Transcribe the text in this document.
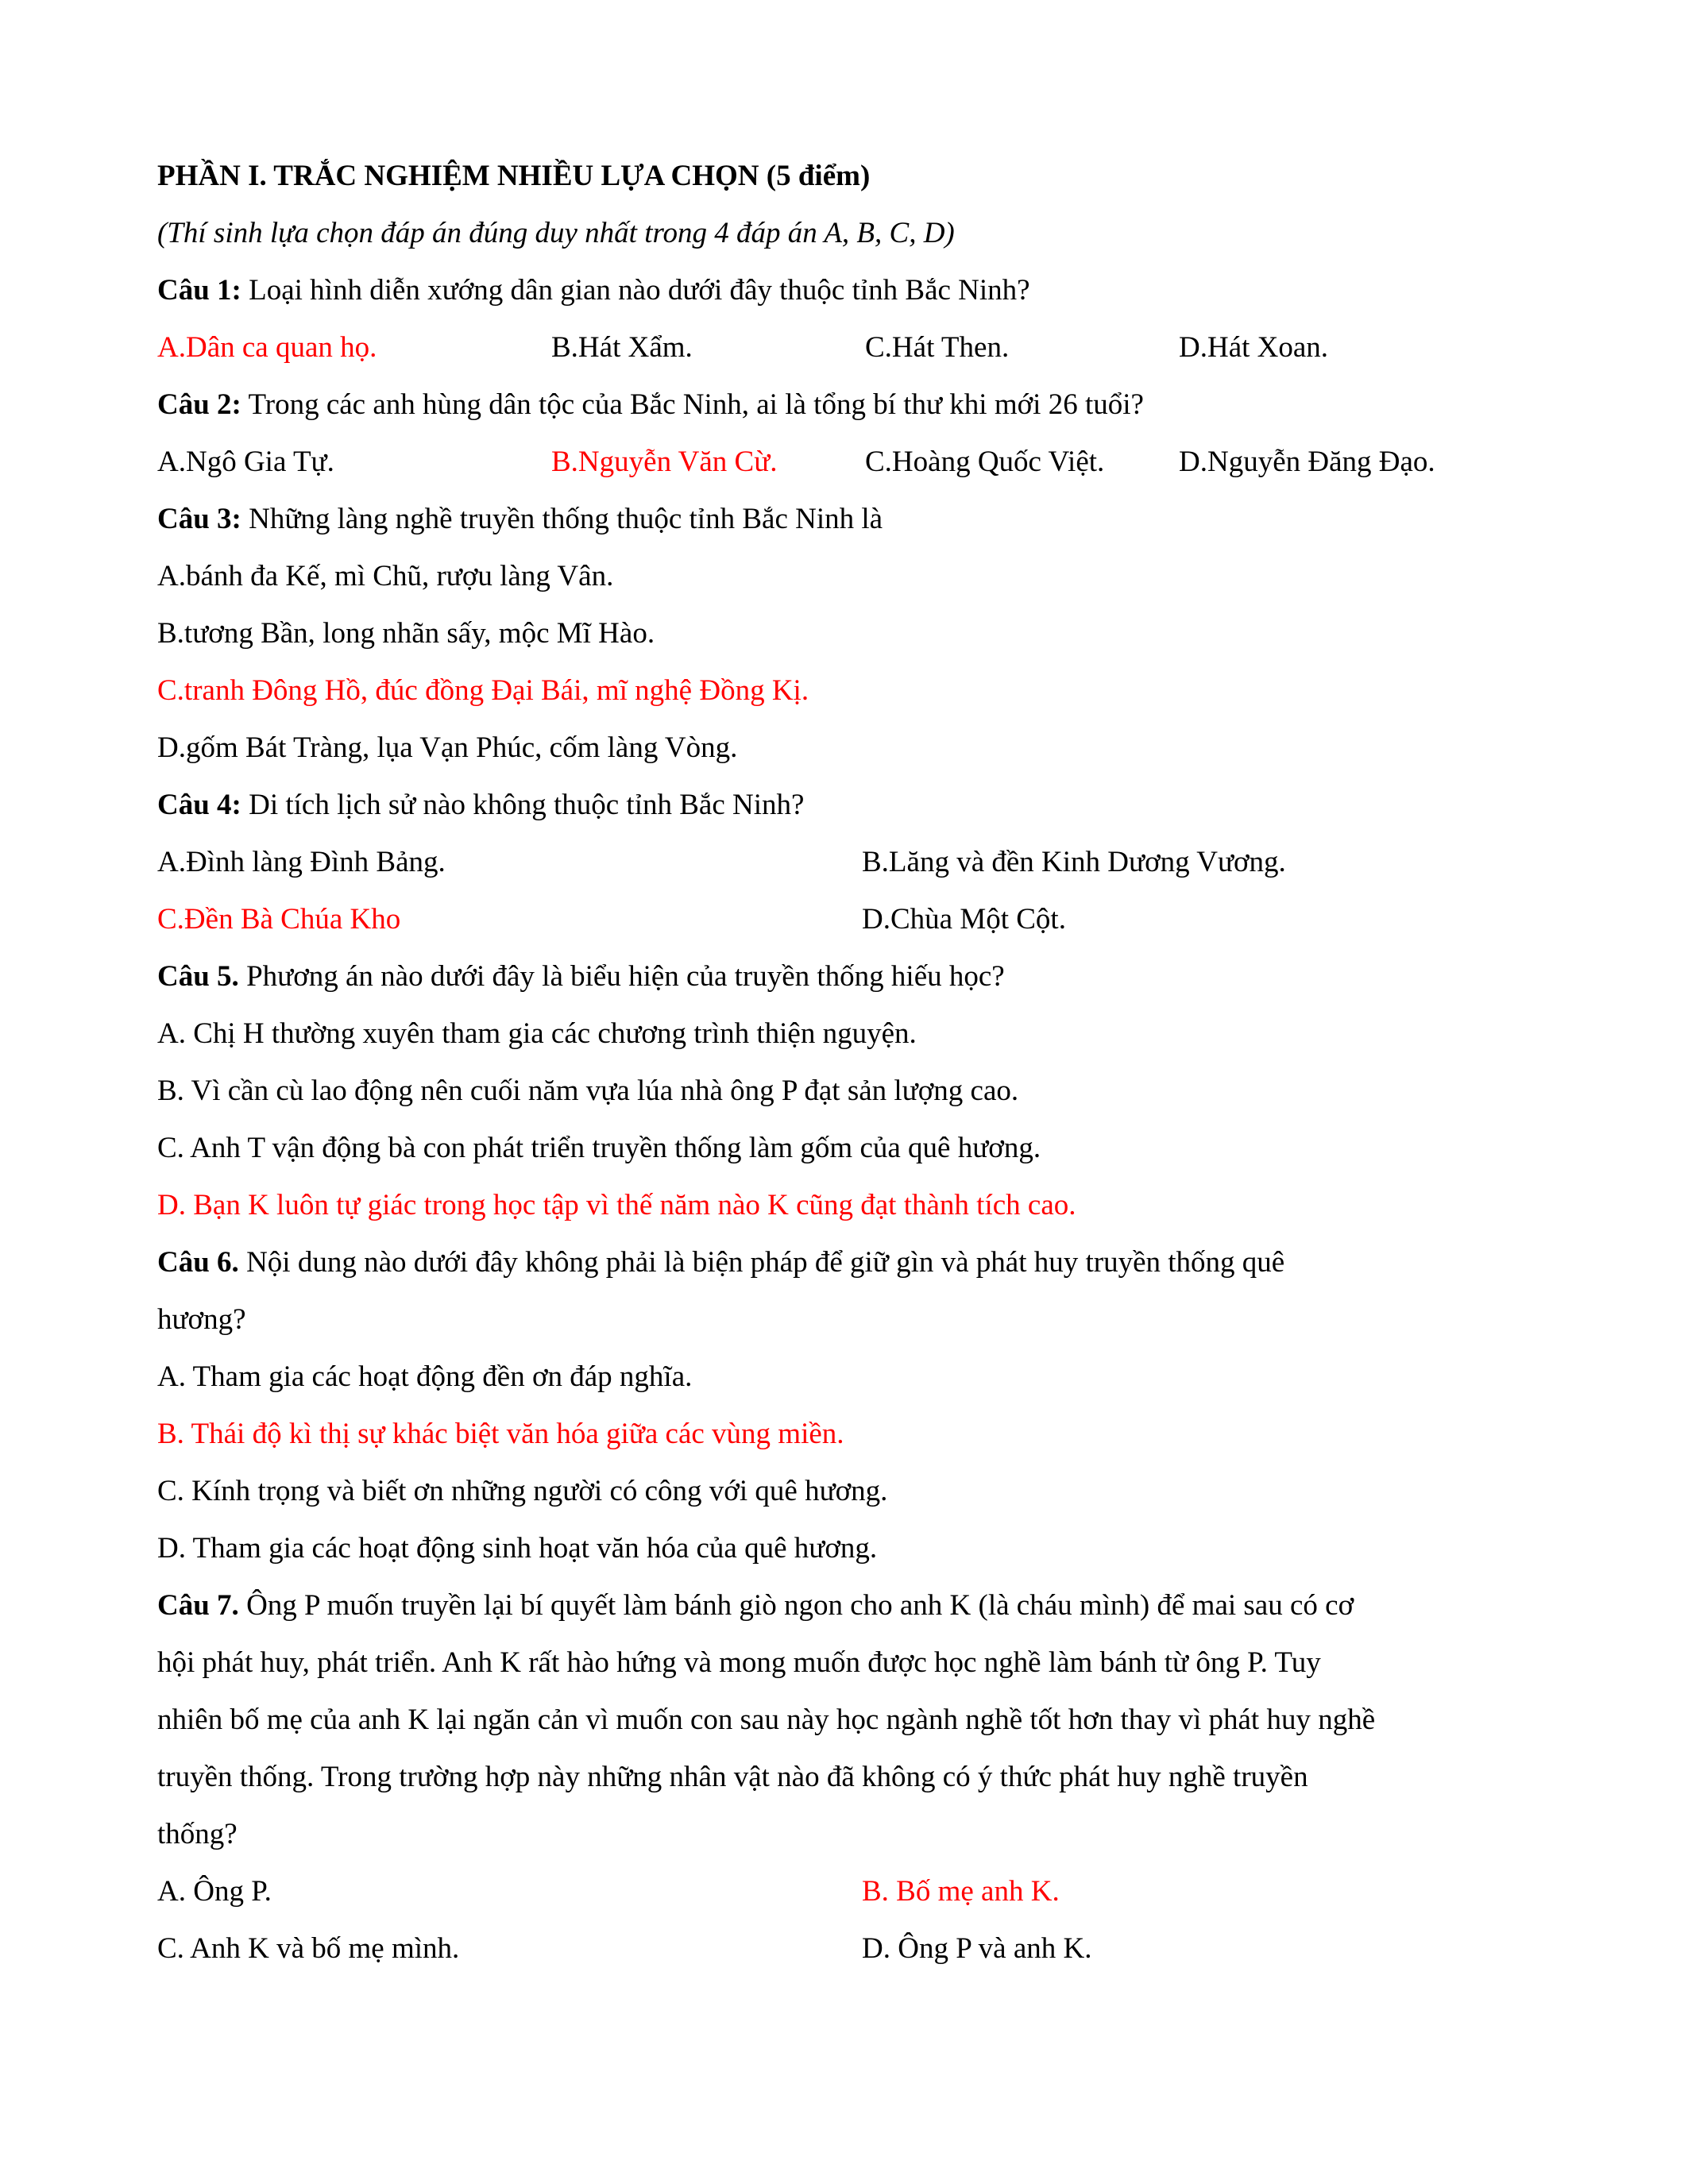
PHẦN I. TRẮC NGHIỆM NHIỀU LỰA CHỌN (5 điểm)
(Thí sinh lựa chọn đáp án đúng duy nhất trong 4 đáp án A, B, C, D)
Câu 1: Loại hình diễn xướng dân gian nào dưới đây thuộc tỉnh Bắc Ninh?
A.Dân ca quan họ.	B.Hát Xẩm.	C.Hát Then.	D.Hát Xoan.
Câu 2: Trong các anh hùng dân tộc của Bắc Ninh, ai là tổng bí thư khi mới 26 tuổi?
A.Ngô Gia Tự.	B.Nguyễn Văn Cừ.	C.Hoàng Quốc Việt.	D.Nguyễn Đăng Đạo.
Câu 3: Những làng nghề truyền thống thuộc tỉnh Bắc Ninh là
A.bánh đa Kế, mì Chũ, rượu làng Vân.
B.tương Bần, long nhãn sấy, mộc Mĩ Hào.
C.tranh Đông Hồ, đúc đồng Đại Bái, mĩ nghệ Đồng Kị.
D.gốm Bát Tràng, lụa Vạn Phúc, cốm làng Vòng.
Câu 4: Di tích lịch sử nào không thuộc tỉnh Bắc Ninh?
A.Đình làng Đình Bảng.	B.Lăng và đền Kinh Dương Vương.
C.Đền Bà Chúa Kho	D.Chùa Một Cột.
Câu 5. Phương án nào dưới đây là biểu hiện của truyền thống hiếu học?
A. Chị H thường xuyên tham gia các chương trình thiện nguyện.
B. Vì cần cù lao động nên cuối năm vựa lúa nhà ông P đạt sản lượng cao.
C. Anh T vận động bà con phát triển truyền thống làm gốm của quê hương.
D. Bạn K luôn tự giác trong học tập vì thế năm nào K cũng đạt thành tích cao.
Câu 6. Nội dung nào dưới đây không phải là biện pháp để giữ gìn và phát huy truyền thống quê
hương?
A. Tham gia các hoạt động đền ơn đáp nghĩa.
B. Thái độ kì thị sự khác biệt văn hóa giữa các vùng miền.
C. Kính trọng và biết ơn những người có công với quê hương.
D. Tham gia các hoạt động sinh hoạt văn hóa của quê hương.
Câu 7. Ông P muốn truyền lại bí quyết làm bánh giò ngon cho anh K (là cháu mình) để mai sau có cơ
hội phát huy, phát triển. Anh K rất hào hứng và mong muốn được học nghề làm bánh từ ông P. Tuy
nhiên bố mẹ của anh K lại ngăn cản vì muốn con sau này học ngành nghề tốt hơn thay vì phát huy nghề
truyền thống. Trong trường hợp này những nhân vật nào đã không có ý thức phát huy nghề truyền
thống?
A. Ông P.	B. Bố mẹ anh K.
C. Anh K và bố mẹ mình.	D. Ông P và anh K.
